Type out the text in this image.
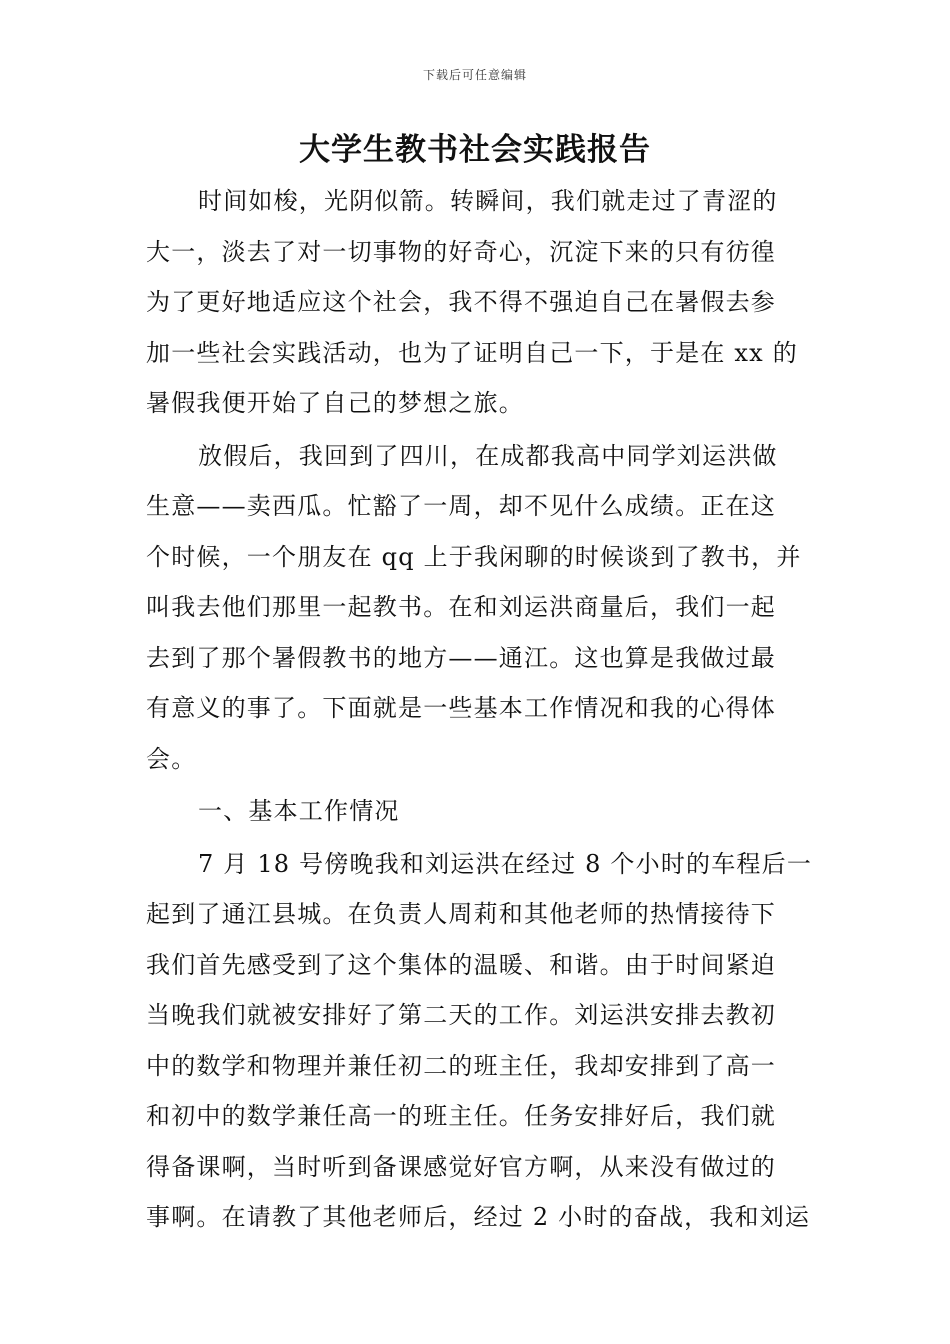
下载后可任意编辑
大学生教书社会实践报告

时间如梭，光阴似箭。转瞬间，我们就走过了青涩的
大一，淡去了对一切事物的好奇心，沉淀下来的只有彷徨
为了更好地适应这个社会，我不得不强迫自己在暑假去参
加一些社会实践活动，也为了证明自己一下，于是在 xx 的
暑假我便开始了自己的梦想之旅。

放假后，我回到了四川，在成都我高中同学刘运洪做
生意——卖西瓜。忙豁了一周，却不见什么成绩。正在这
个时候，一个朋友在 qq 上于我闲聊的时候谈到了教书，并
叫我去他们那里一起教书。在和刘运洪商量后，我们一起
去到了那个暑假教书的地方——通江。这也算是我做过最
有意义的事了。下面就是一些基本工作情况和我的心得体
会。

一、基本工作情况

7 月 18 号傍晚我和刘运洪在经过 8 个小时的车程后一
起到了通江县城。在负责人周莉和其他老师的热情接待下
我们首先感受到了这个集体的温暖、和谐。由于时间紧迫
当晚我们就被安排好了第二天的工作。刘运洪安排去教初
中的数学和物理并兼任初二的班主任，我却安排到了高一
和初中的数学兼任高一的班主任。任务安排好后，我们就
得备课啊，当时听到备课感觉好官方啊，从来没有做过的
事啊。在请教了其他老师后，经过 2 小时的奋战，我和刘运
